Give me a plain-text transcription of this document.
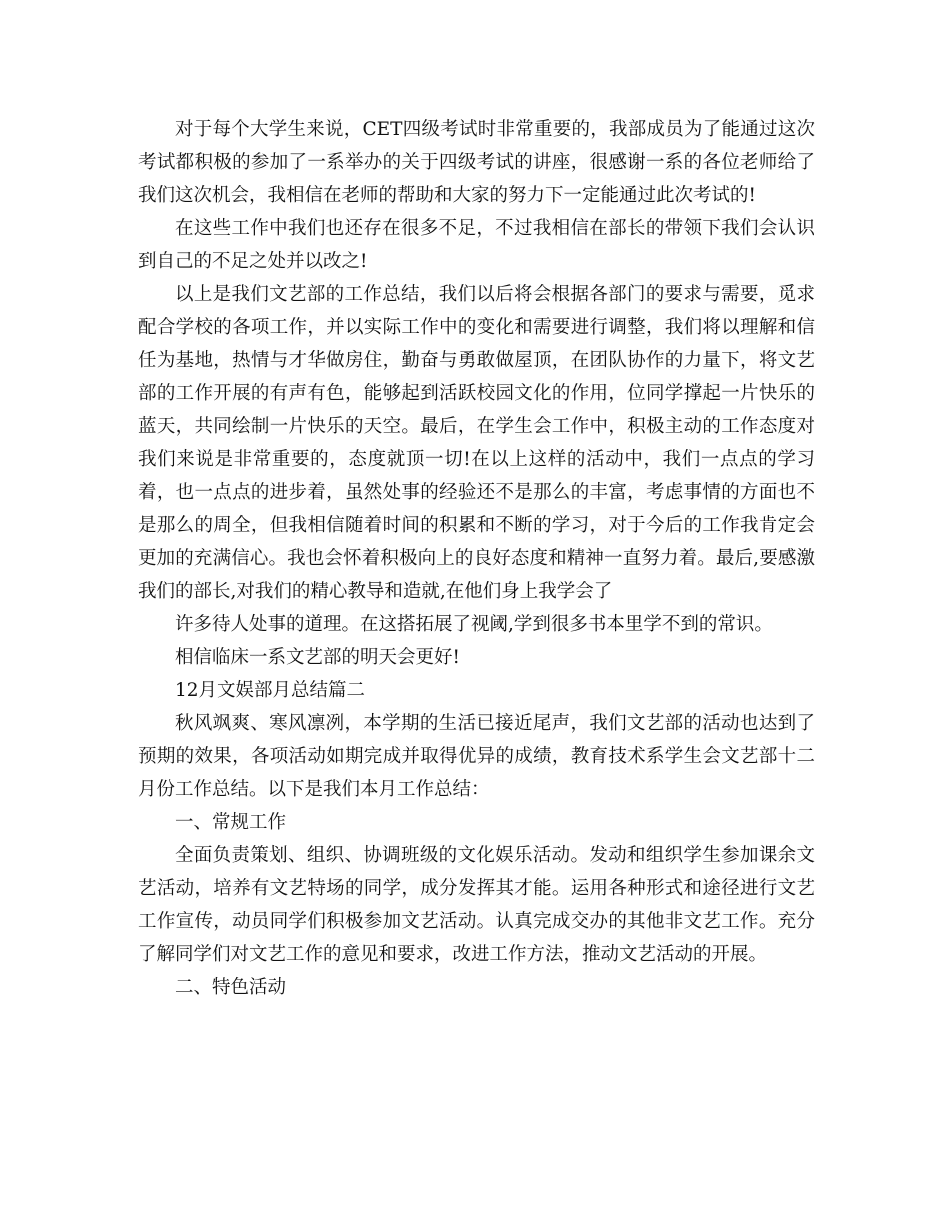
对于每个大学生来说，CET四级考试时非常重要的，我部成员为了能通过这次考试都积极的参加了一系举办的关于四级考试的讲座，很感谢一系的各位老师给了我们这次机会，我相信在老师的帮助和大家的努力下一定能通过此次考试的!

在这些工作中我们也还存在很多不足，不过我相信在部长的带领下我们会认识到自己的不足之处并以改之!

以上是我们文艺部的工作总结，我们以后将会根据各部门的要求与需要，觅求配合学校的各项工作，并以实际工作中的变化和需要进行调整，我们将以理解和信任为基地，热情与才华做房住，勤奋与勇敢做屋顶，在团队协作的力量下，将文艺部的工作开展的有声有色，能够起到活跃校园文化的作用，位同学撑起一片快乐的蓝天，共同绘制一片快乐的天空。最后，在学生会工作中，积极主动的工作态度对我们来说是非常重要的，态度就顶一切!在以上这样的活动中，我们一点点的学习着，也一点点的进步着，虽然处事的经验还不是那么的丰富，考虑事情的方面也不是那么的周全，但我相信随着时间的积累和不断的学习，对于今后的工作我肯定会更加的充满信心。我也会怀着积极向上的良好态度和精神一直努力着。最后,要感激我们的部长,对我们的精心教导和造就,在他们身上我学会了

许多待人处事的道理。在这搭拓展了视阈,学到很多书本里学不到的常识。

相信临床一系文艺部的明天会更好!

12月文娱部月总结篇二

秋风飒爽、寒风凛冽，本学期的生活已接近尾声，我们文艺部的活动也达到了预期的效果，各项活动如期完成并取得优异的成绩，教育技术系学生会文艺部十二月份工作总结。以下是我们本月工作总结：

一、常规工作

全面负责策划、组织、协调班级的文化娱乐活动。发动和组织学生参加课余文艺活动，培养有文艺特场的同学，成分发挥其才能。运用各种形式和途径进行文艺工作宣传，动员同学们积极参加文艺活动。认真完成交办的其他非文艺工作。充分了解同学们对文艺工作的意见和要求，改进工作方法，推动文艺活动的开展。

二、特色活动
